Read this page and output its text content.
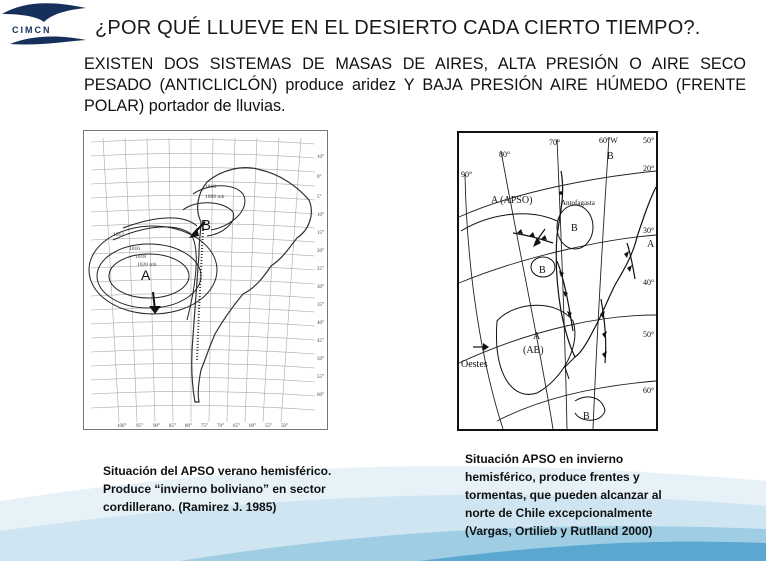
CIMCN ¿POR QUÉ LLUEVE EN EL DESIERTO CADA CIERTO TIEMPO?.

EXISTEN DOS SISTEMAS DE MASAS DE AIRES, ALTA PRESIÓN O AIRE SECO PESADO (ANTICLICLÓN) produce aridez Y BAJA PRESIÓN AIRE HÚMEDO (FRENTE POLAR) portador de lluvias.

A
B
1010
1008 mb
1012
1016
1018
1020 mb
10°
0°
5°
10°
15°
20°
25°
30°
35°
40°
45°
50°
55°
60°
100° 95° 90° 85° 80° 75° 70° 65° 60° 55° 50°
80°
70°	60°W	50°
90°
20°
30°
40°
50°
60°
Antofagasta
A (APSO)
B
B
B
B
A
A
(AB)
Oestes

Situación del APSO verano hemisférico. Produce “invierno boliviano” en sector cordillerano. (Ramirez J. 1985)

Situación APSO en invierno hemisférico, produce frentes y tormentas, que pueden alcanzar al norte de Chile excepcionalmente (Vargas, Ortilieb y Rutlland 2000)
